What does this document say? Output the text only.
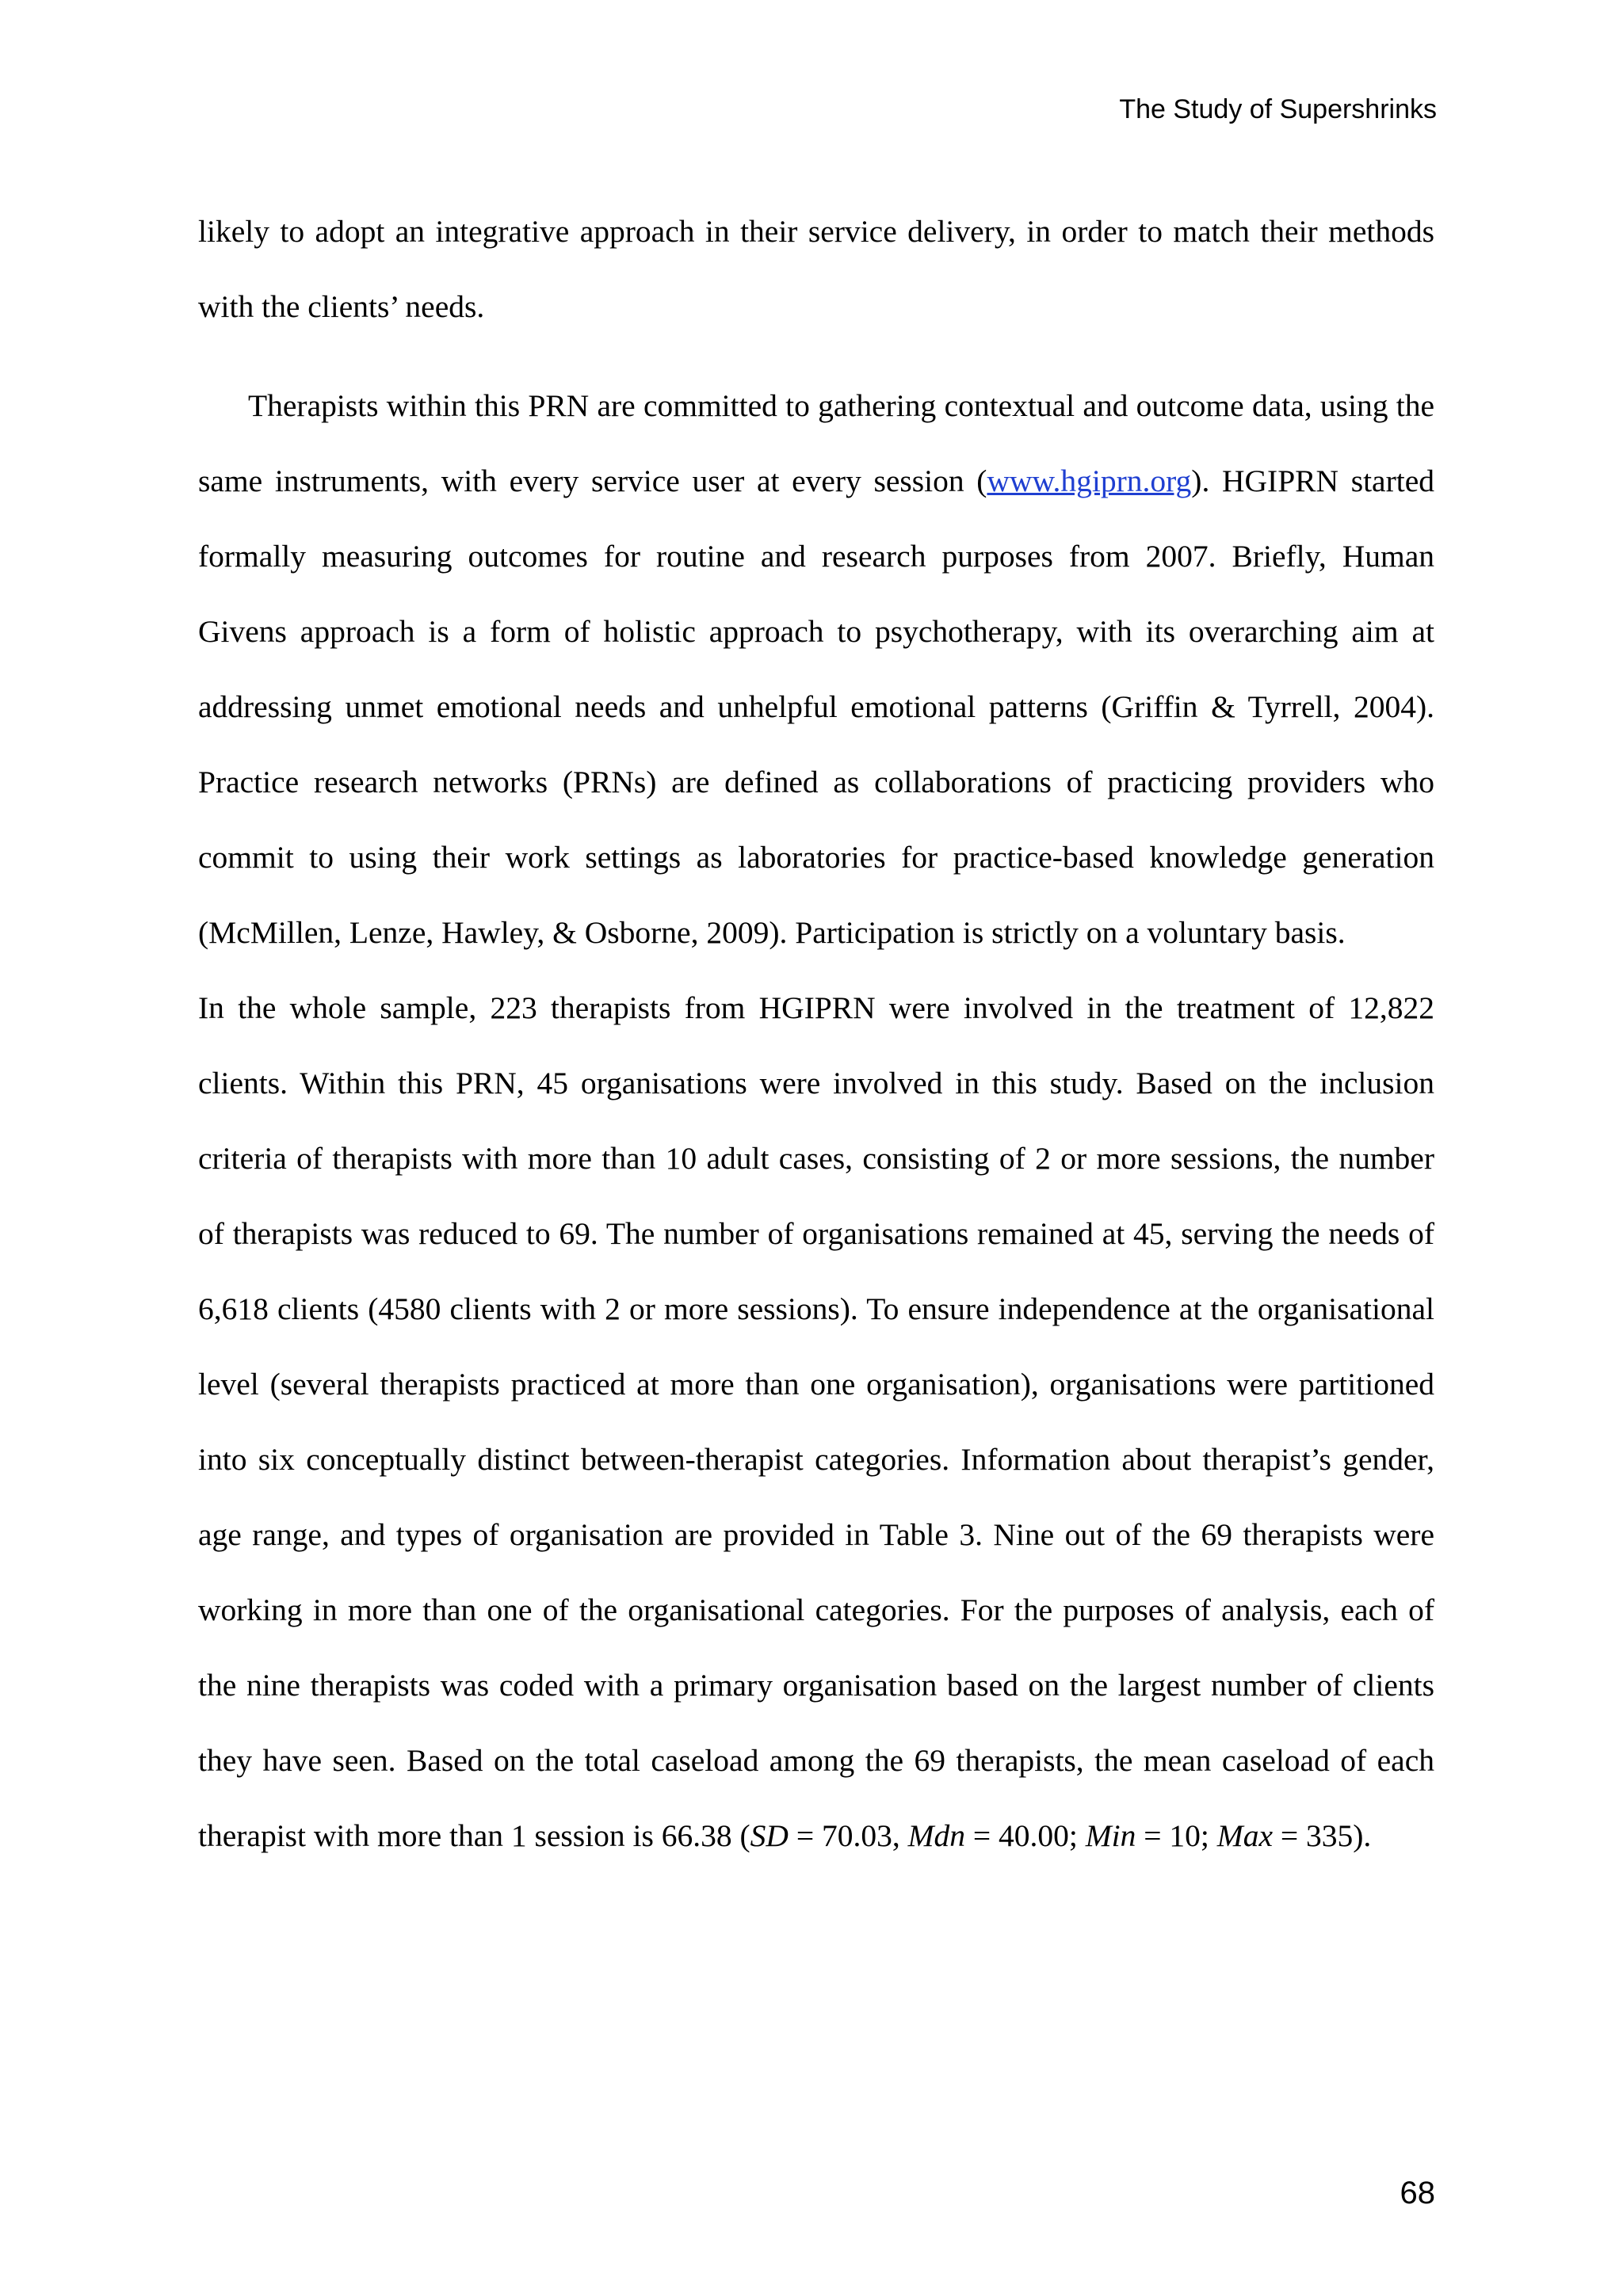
The Study of Supershrinks

likely to adopt an integrative approach in their service delivery, in order to match their methods with the clients’ needs.

Therapists within this PRN are committed to gathering contextual and outcome data, using the same instruments, with every service user at every session (www.hgiprn.org). HGIPRN started formally measuring outcomes for routine and research purposes from 2007. Briefly, Human Givens approach is a form of holistic approach to psychotherapy, with its overarching aim at addressing unmet emotional needs and unhelpful emotional patterns (Griffin & Tyrrell, 2004). Practice research networks (PRNs) are defined as collaborations of practicing providers who commit to using their work settings as laboratories for practice-based knowledge generation (McMillen, Lenze, Hawley, & Osborne, 2009). Participation is strictly on a voluntary basis.

In the whole sample, 223 therapists from HGIPRN were involved in the treatment of 12,822 clients. Within this PRN, 45 organisations were involved in this study. Based on the inclusion criteria of therapists with more than 10 adult cases, consisting of 2 or more sessions, the number of therapists was reduced to 69. The number of organisations remained at 45, serving the needs of 6,618 clients (4580 clients with 2 or more sessions). To ensure independence at the organisational level (several therapists practiced at more than one organisation), organisations were partitioned into six conceptually distinct between-therapist categories. Information about therapist’s gender, age range, and types of organisation are provided in Table 3. Nine out of the 69 therapists were working in more than one of the organisational categories. For the purposes of analysis, each of the nine therapists was coded with a primary organisation based on the largest number of clients they have seen. Based on the total caseload among the 69 therapists, the mean caseload of each therapist with more than 1 session is 66.38 (SD = 70.03, Mdn = 40.00; Min = 10; Max = 335).

68
